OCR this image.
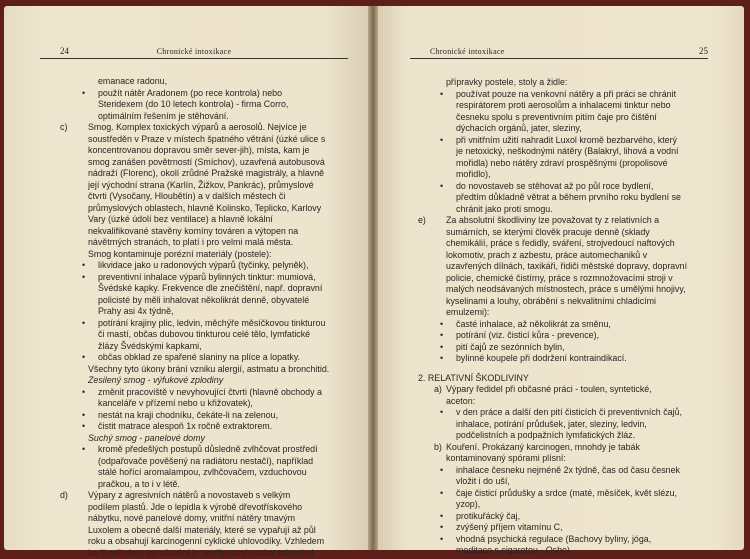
24	Chronické intoxikace
emanace radonu,
• použít nátěr Aradonem (po rece kontrola) nebo
Steridexem (do 10 letech kontrola) - firma Corro,
optimálním řešením je stěhování.
c) Smog. Komplex toxických výparů a aerosolů. Nejvíce je
soustředěn v Praze v místech špatného větrání (úzké ulice s
koncentrovanou dopravou směr sever-jih), místa, kam je
smog zanášen povětrností (Smíchov), uzavřená autobusová
nádraží (Florenc), okolí zrůdné Pražské magistrály, a hlavně
její východní strana (Karlín, Žižkov, Pankrác), průmyslové
čtvrti (Vysočany, Hloubětín) a v dalších městech či
průmyslových oblastech, hlavně Kolinsko, Teplicko, Karlovy
Vary (úzké údolí bez ventilace) a hlavně lokální
nekvalifikované stavěny komíny továren a výtopen na
návětrných stranách, to platí i pro velmi malá města.
Smog kontaminuje porézní materiály (postele):
• likvidace jako u radonových výparů (tyčinky, pelyněk),
• preventivní inhalace výparů bylinných tinktur: mumiová,
Švédské kapky. Frekvence dle znečištění, např. dopravní
policisté by měli inhalovat několikrát denně, obyvatelé
Prahy asi 4x týdně,
• potírání krajiny plic, ledvin, měchýře měsíčkovou tinkturou
či mastí, občas dubovou tinkturou celé tělo, lymfatické
žlázy Švédskými kapkami,
• občas obklad ze spařené slaniny na plíce a lopatky.
Všechny tyto úkony brání vzniku alergií, astmatu a bronchitid.
Zesilený smog - výfukové zplodiny
• změnit pracoviště v nevyhovující čtvrti (hlavně obchody a
kanceláře v přízemí nebo u křižovatek),
• nestát na kraji chodníku, čekáte-li na zelenou,
• čistit matrace alespoň 1x ročně extraktorem.
Suchý smog - panelové domy
• kromě předešlých postupů důsledně zvlhčovat prostředí
(odpařovače pověšený na radiátoru nestačí), například
stálé hořící aromalampou, zvlhčovačem, vzduchovou
pračkou, a to i v létě.
d) Výpary z agresivních nátěrů a novostaveb s velkým
podílem plastů. Jde o lepidla k výrobě dřevotřískového
nábytku, nové panelové domy, vnitřní nátěry tmavým
Luxolem a obecně další materiály, které se vypařují až půl
roku a obsahují karcinogenní cyklické uhlovodíky. Vzhledem
ke škodlivému vyzařování je nepřípustné natírat takovými
Chronické intoxikace	25
přípravky postele, stoly a židle:
• používat pouze na venkovní nátěry a při práci se chránit
respirátorem proti aerosolům a inhalacemi tinktur nebo
česneku spolu s preventivním pitím čaje pro čištění
dýchacích orgánů, jater, sleziny,
• při vnitřním užití nahradit Luxol kromě bezbarvého, který
je netoxický, neškodnými nátěry (Balakryl, lihová a vodní
mořidla) nebo nátěry zdraví prospěšnými (propolisové
mořidlo),
• do novostaveb se stěhovat až po půl roce bydlení,
předtím důkladně větrat a během prvního roku bydlení se
chránit jako proti smogu.
e) Za absolutní škodliviny lze považovat ty z relativních a
sumárních, se kterými člověk pracuje denně (sklady
chemikálií, práce s ředidly, sváření, strojvedoucí naftových
lokomotiv, prach z azbestu, práce automechaniků v
uzavřených dílnách, taxikáři, řidiči městské dopravy, dopravní
policie, chemické čistírny, práce s rozmnožovacími stroji v
malých neodsávaných místnostech, práce s umělými hnojivy,
kyselinami a louhy, obrábění s nekvalitními chladicími
emulzemi):
• časté inhalace, až několikrát za směnu,
• potírání (viz. čisticí kůra - prevence),
• pití čajů ze sezónních bylin,
• bylinné koupele při dodržení kontraindikací.
2. RELATIVNÍ ŠKODLIVINY
a) Výpary ředidel při občasné práci - toulen, syntetické,
aceton:
• v den práce a další den pití čisticích či preventivních čajů,
inhalace, potírání průdušek, jater, sleziny, ledvin,
podčelistních a podpažních lymfatických žláz.
b) Kouření. Prokázaný karcinogen, mnohdy je tabák
kontaminovaný spórami plísní:
• inhalace česneku nejméně 2x týdně, čas od času česnek
vložit i do uší,
• čaje čisticí průdušky a srdce (maté, měsíček, květ slézu,
yzop),
• protikuřácký čaj,
• zvýšený příjem vitamínu C,
• vhodná psychická regulace (Bachovy byliny, jóga,
meditace s cigaretou - Osho).
